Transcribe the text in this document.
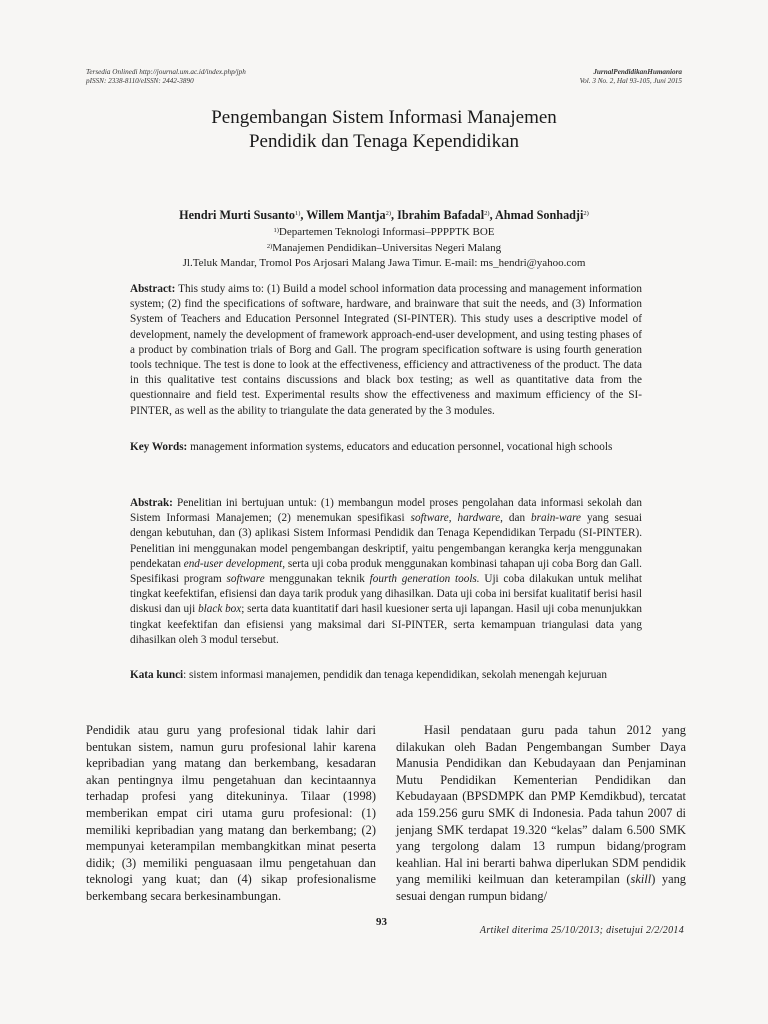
Tersedia Onlinedi http://journal.um.ac.id/index.php/jph
pISSN: 2338-8110/eISSN: 2442-3890
JurnalPendidikanHumaniora
Vol. 3 No. 2, Hal 93-105, Juni 2015
Pengembangan Sistem Informasi Manajemen
Pendidik dan Tenaga Kependidikan
Hendri Murti Susanto$^{1)}$, Willem Mantja$^{2)}$, Ibrahim Bafadal$^{2)}$, Ahmad Sonhadji$^{2)}$
$^{1)}$Departemen Teknologi Informasi–PPPPTK BOE
$^{2)}$Manajemen Pendidikan–Universitas Negeri Malang
Jl.Teluk Mandar, Tromol Pos Arjosari Malang Jawa Timur. E-mail: ms_hendri@yahoo.com
Abstract: This study aims to: (1) Build a model school information data processing and management information system; (2) find the specifications of software, hardware, and brainware that suit the needs, and (3) Information System of Teachers and Education Personnel Integrated (SI-PINTER). This study uses a descriptive model of development, namely the development of framework approach-end-user development, and using testing phases of a product by combination trials of Borg and Gall. The program specification software is using fourth generation tools technique. The test is done to look at the effectiveness, efficiency and attractiveness of the product. The data in this qualitative test contains discussions and black box testing; as well as quantitative data from the questionnaire and field test. Experimental results show the effectiveness and maximum efficiency of the SI-PINTER, as well as the ability to triangulate the data generated by the 3 modules.
Key Words: management information systems, educators and education personnel, vocational high schools
Abstrak: Penelitian ini bertujuan untuk: (1) membangun model proses pengolahan data informasi sekolah dan Sistem Informasi Manajemen; (2) menemukan spesifikasi software, hardware, dan brain-ware yang sesuai dengan kebutuhan, dan (3) aplikasi Sistem Informasi Pendidik dan Tenaga Kependidikan Terpadu (SI-PINTER). Penelitian ini menggunakan model pengembangan deskriptif, yaitu pengembangan kerangka kerja menggunakan pendekatan end-user development, serta uji coba produk menggunakan kombinasi tahapan uji coba Borg dan Gall. Spesifikasi program software menggunakan teknik fourth generation tools. Uji coba dilakukan untuk melihat tingkat keefektifan, efisiensi dan daya tarik produk yang dihasilkan. Data uji coba ini bersifat kualitatif berisi hasil diskusi dan uji black box; serta data kuantitatif dari hasil kuesioner serta uji lapangan. Hasil uji coba menunjukkan tingkat keefektifan dan efisiensi yang maksimal dari SI-PINTER, serta kemampuan triangulasi data yang dihasilkan oleh 3 modul tersebut.
Kata kunci: sistem informasi manajemen, pendidik dan tenaga kependidikan, sekolah menengah kejuruan

Pendidik atau guru yang profesional tidak lahir dari bentukan sistem, namun guru profesional lahir karena kepribadian yang matang dan berkembang, kesadaran akan pentingnya ilmu pengetahuan dan kecintaannya terhadap profesi yang ditekuninya. Tilaar (1998) memberikan empat ciri utama guru profesional: (1) memiliki kepribadian yang matang dan berkembang; (2) mempunyai keterampilan membangkitkan minat peserta didik; (3) memiliki penguasaan ilmu pengetahuan dan teknologi yang kuat; dan (4) sikap profesionalisme berkembang secara berkesinambungan.

Hasil pendataan guru pada tahun 2012 yang dilakukan oleh Badan Pengembangan Sumber Daya Manusia Pendidikan dan Kebudayaan dan Penjaminan Mutu Pendidikan Kementerian Pendidikan dan Kebudayaan (BPSDMPK dan PMP Kemdikbud), tercatat ada 159.256 guru SMK di Indonesia. Pada tahun 2007 di jenjang SMK terdapat 19.320 “kelas” dalam 6.500 SMK yang tergolong dalam 13 rumpun bidang/program keahlian. Hal ini berarti bahwa diperlukan SDM pendidik yang memiliki keilmuan dan keterampilan (skill) yang sesuai dengan rumpun bidang/

93
Artikel diterima 25/10/2013; disetujui 2/2/2014
